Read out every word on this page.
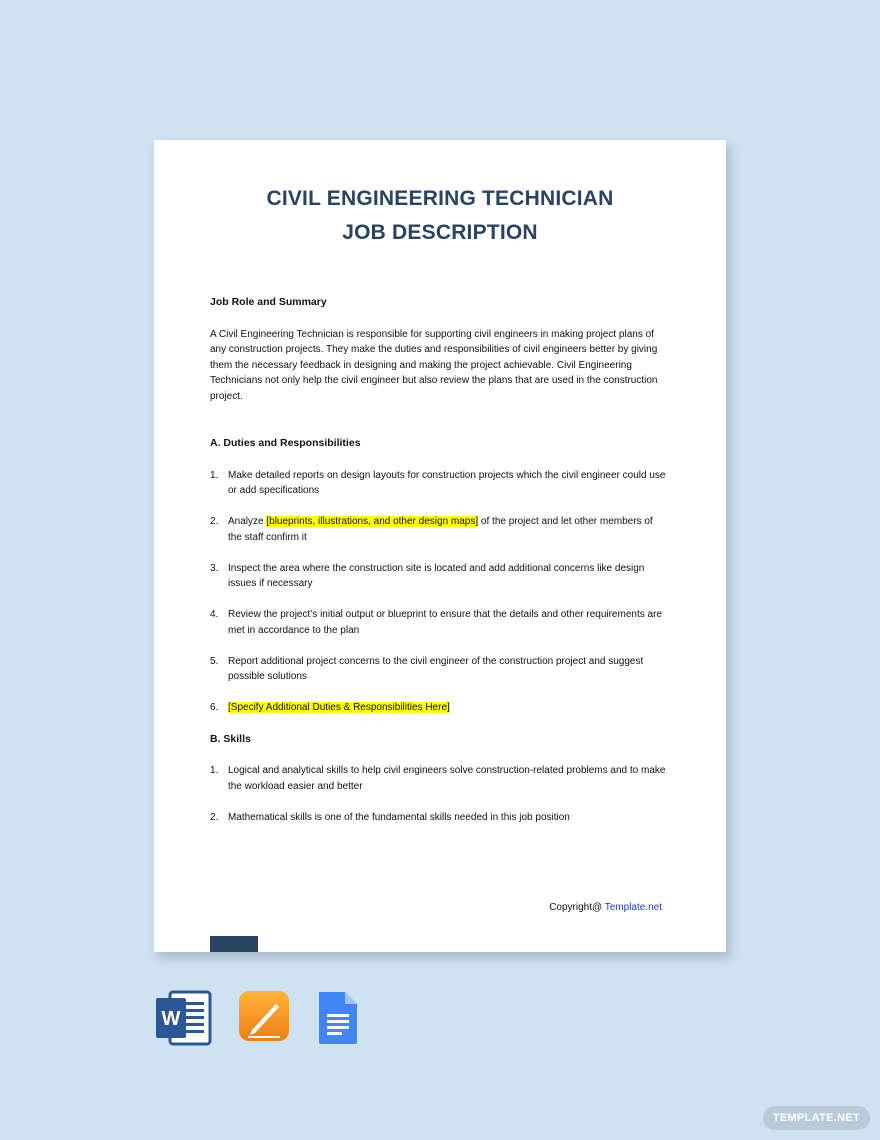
CIVIL ENGINEERING TECHNICIAN
JOB DESCRIPTION

Job Role and Summary

A Civil Engineering Technician is responsible for supporting civil engineers in making project plans of any construction projects. They make the duties and responsibilities of civil engineers better by giving them the necessary feedback in designing and making the project achievable. Civil Engineering Technicians not only help the civil engineer but also review the plans that are used in the construction project.

A. Duties and Responsibilities

1. Make detailed reports on design layouts for construction projects which the civil engineer could use or add specifications
2. Analyze [blueprints, illustrations, and other design maps] of the project and let other members of the staff confirm it
3. Inspect the area where the construction site is located and add additional concerns like design issues if necessary
4. Review the project’s initial output or blueprint to ensure that the details and other requirements are met in accordance to the plan
5. Report additional project concerns to the civil engineer of the construction project and suggest possible solutions
6. [Specify Additional Duties & Responsibilities Here]

B. Skills

1. Logical and analytical skills to help civil engineers solve construction-related problems and to make the workload easier and better
2. Mathematical skills is one of the fundamental skills needed in this job position
Copyright@ Template.net
W
TEMPLATE.NET
